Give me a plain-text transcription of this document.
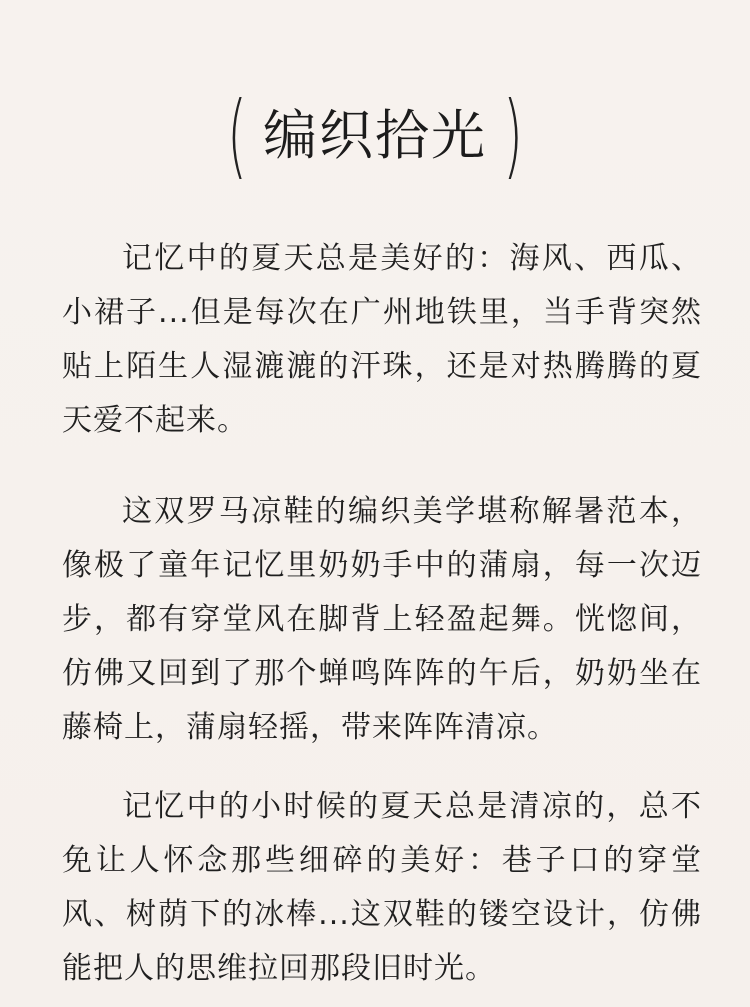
( 编织拾光 )

记忆中的夏天总是美好的：海风、西瓜、小裙子...但是每次在广州地铁里，当手背突然贴上陌生人湿漉漉的汗珠，还是对热腾腾的夏天爱不起来。

这双罗马凉鞋的编织美学堪称解暑范本，像极了童年记忆里奶奶手中的蒲扇，每一次迈步，都有穿堂风在脚背上轻盈起舞。恍惚间，仿佛又回到了那个蝉鸣阵阵的午后，奶奶坐在藤椅上，蒲扇轻摇，带来阵阵清凉。

记忆中的小时候的夏天总是清凉的，总不免让人怀念那些细碎的美好：巷子口的穿堂风、树荫下的冰棒...这双鞋的镂空设计，仿佛能把人的思维拉回那段旧时光。
